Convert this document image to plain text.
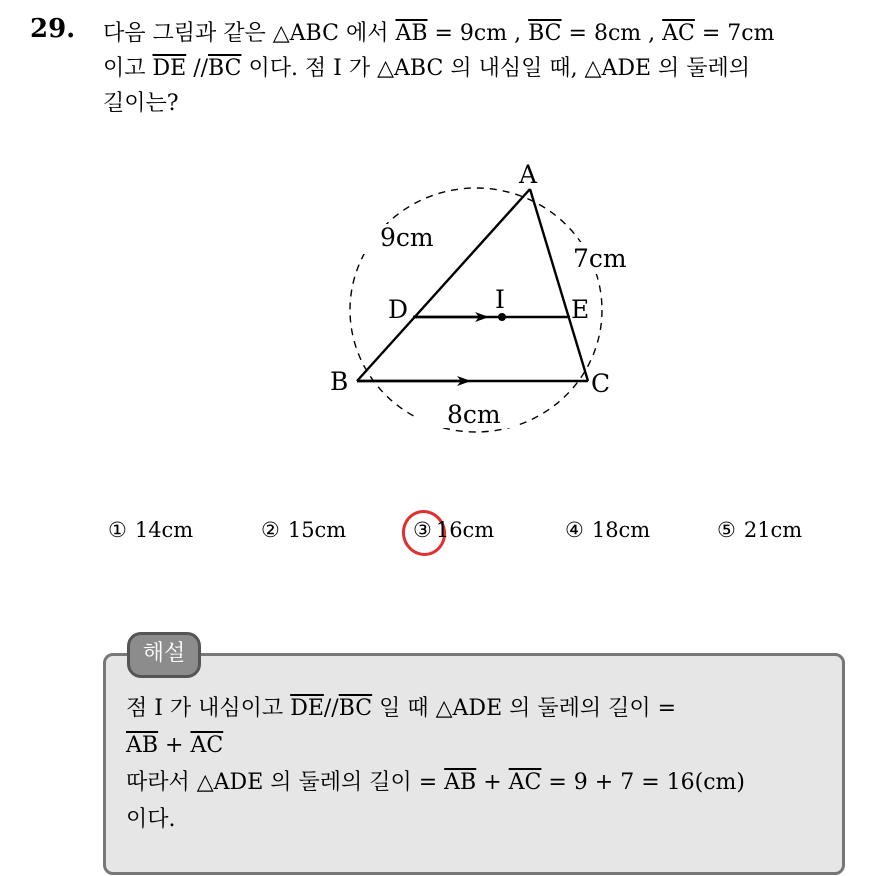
29. 다음 그림과 같은 △ABC 에서 $\overline{AB} = 9cm$ , $\overline{BC} = 8cm$ , $\overline{AC} = 7cm$
이고 $\overline{DE}$ $//\overline{BC}$ 이다. 점 I 가 △ABC 의 내심일 때, △ADE 의 둘레의
길이는?
A
B	C
D	E
I
9cm
7cm
8cm
① 14cm	② 15cm	③ 16cm	④ 18cm	⑤ 21cm
해설
점 I 가 내심이고 $\overline{DE}//\overline{BC}$ 일 때 △ADE 의 둘레의 길이 =
$\overline{AB} + \overline{AC}$
따라서 △ADE 의 둘레의 길이 = $\overline{AB} + \overline{AC} = 9 + 7 = 16(cm)$
이다.
